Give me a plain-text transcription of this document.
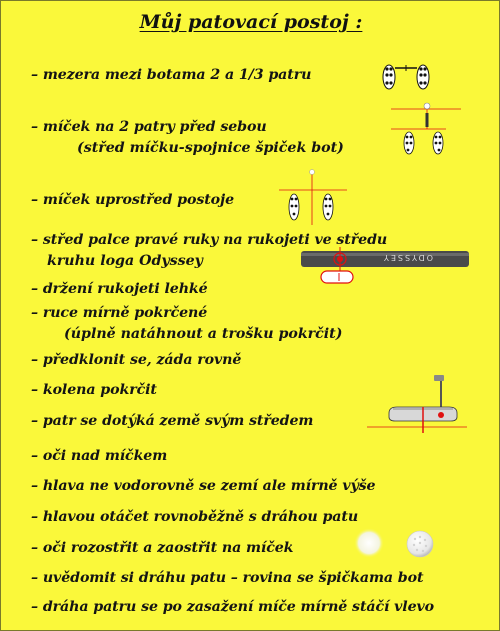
Můj patovací postoj :
– mezera mezi botama 2 a 1/3 patru
– míček na 2 patry před sebou
(střed míčku-spojnice špiček bot)
– míček uprostřed postoje
– střed palce pravé ruky na rukojeti ve středu
kruhu loga Odyssey
– držení rukojeti lehké
– ruce mírně pokrčené
(úplně natáhnout a trošku pokrčit)
– předklonit se, záda rovně
– kolena pokrčit
– patr se dotýká země svým středem
– oči nad míčkem
– hlava ne vodorovně se zemí ale mírně výše
– hlavou otáčet rovnoběžně s dráhou patu
– oči rozostřit a zaostřit na míček
– uvědomit si dráhu patu – rovina se špičkama bot
– dráha patru se po zasažení míče mírně stáčí vlevo
ODYSSEY
